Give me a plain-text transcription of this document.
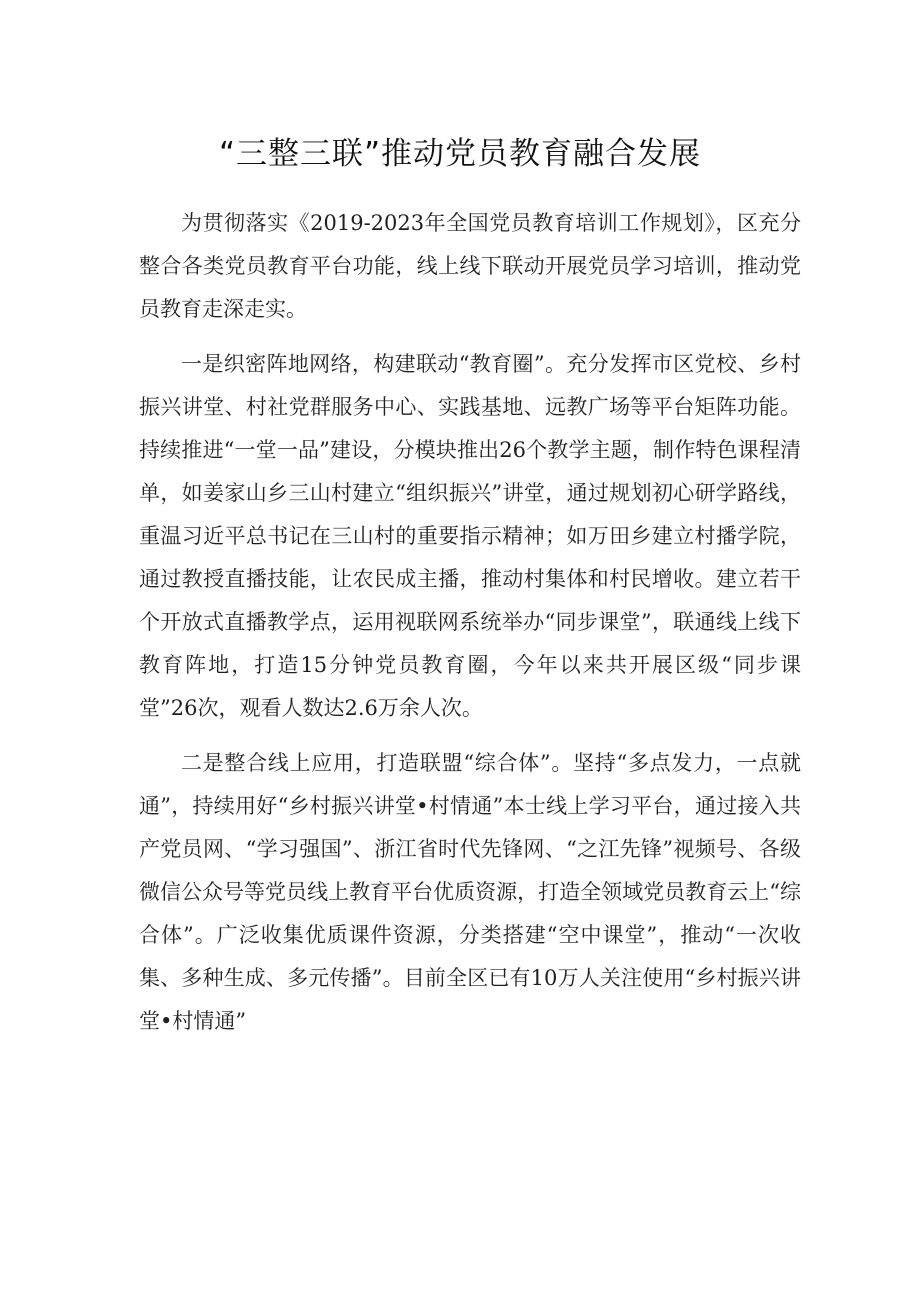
“三整三联”推动党员教育融合发展

为贯彻落实《2019-2023年全国党员教育培训工作规划》，区充分整合各类党员教育平台功能，线上线下联动开展党员学习培训，推动党员教育走深走实。

一是织密阵地网络，构建联动“教育圈”。充分发挥市区党校、乡村振兴讲堂、村社党群服务中心、实践基地、远教广场等平台矩阵功能。持续推进“一堂一品”建设，分模块推出26个教学主题，制作特色课程清单，如姜家山乡三山村建立“组织振兴”讲堂，通过规划初心研学路线，重温习近平总书记在三山村的重要指示精神；如万田乡建立村播学院，通过教授直播技能，让农民成主播，推动村集体和村民增收。建立若干个开放式直播教学点，运用视联网系统举办“同步课堂”，联通线上线下教育阵地，打造15分钟党员教育圈，今年以来共开展区级“同步课堂”26次，观看人数达2.6万余人次。

二是整合线上应用，打造联盟“综合体”。坚持“多点发力，一点就通”，持续用好“乡村振兴讲堂•村情通”本士线上学习平台，通过接入共产党员网、“学习强国”、浙江省时代先锋网、“之江先锋”视频号、各级微信公众号等党员线上教育平台优质资源，打造全领域党员教育云上“综合体”。广泛收集优质课件资源，分类搭建“空中课堂”，推动“一次收集、多种生成、多元传播”。目前全区已有10万人关注使用“乡村振兴讲堂•村情通”
